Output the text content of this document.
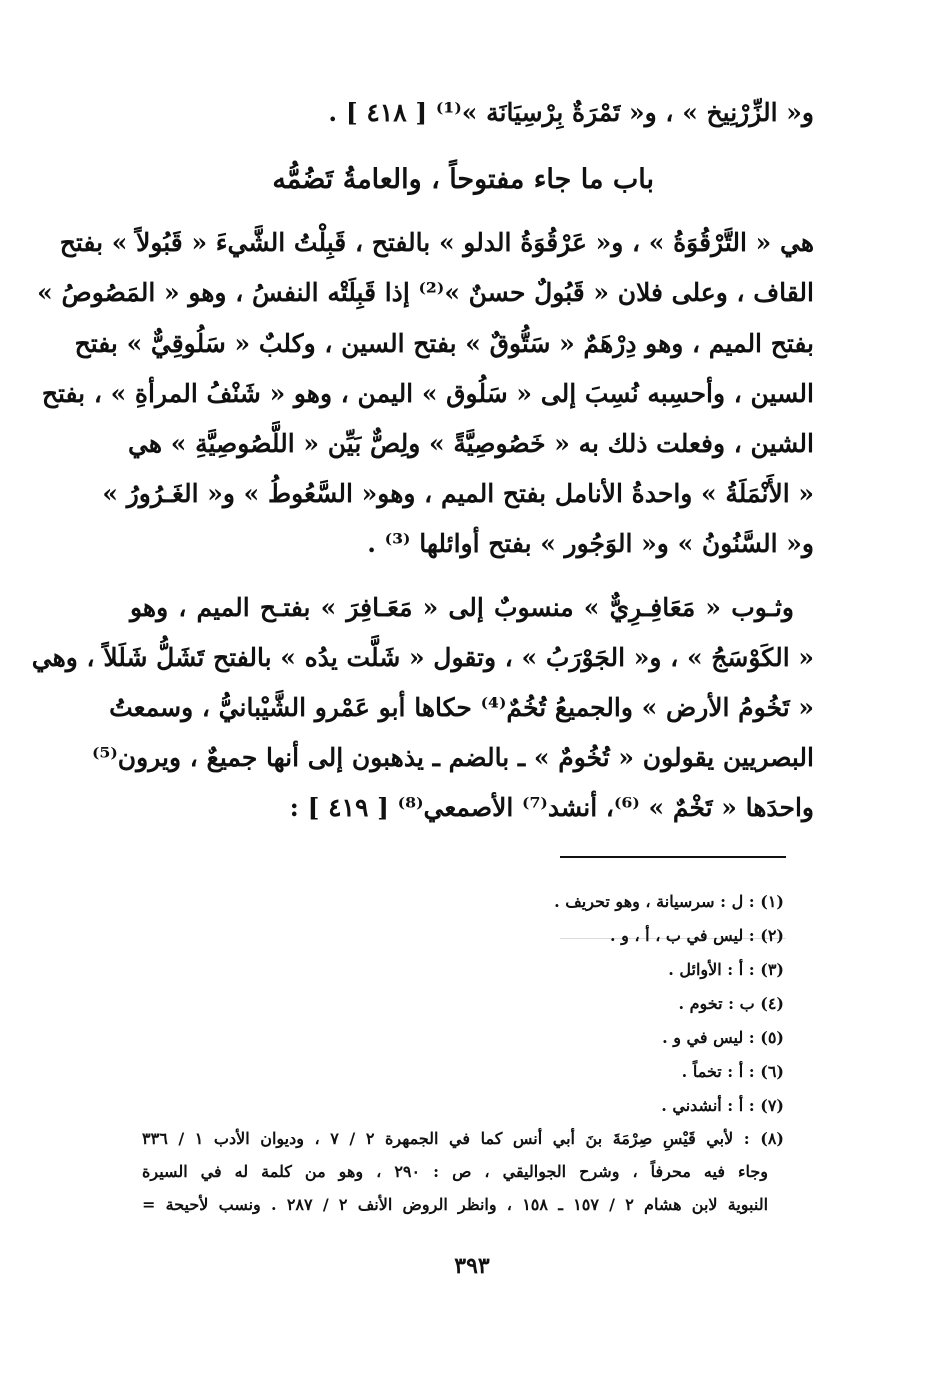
و« الزِّرْنِيخ » ، و« تَمْرَةٌ بِرْسِيَانَة »⁽¹⁾ [ ٤١٨ ] .
باب ما جاء مفتوحاً ، والعامةُ تَضُمُّه
هي « التَّرْقُوَةُ » ، و« عَرْقُوَةُ الدلو » بالفتح ، قَبِلْتُ الشَّيءَ « قَبُولاً » بفتح
القاف ، وعلى فلان « قَبُولٌ حسنٌ »⁽²⁾ إذا قَبِلَتْه النفسُ ، وهو « المَصُوصُ »
بفتح الميم ، وهو دِرْهَمٌ « سَتُّوقٌ » بفتح السين ، وكلبٌ « سَلُوقِيٌّ » بفتح
السين ، وأحسِبه نُسِبَ إلى « سَلُوق » اليمن ، وهو « شَنْفُ المرأةِ » ، بفتح
الشين ، وفعلت ذلك به « خَصُوصِيَّةً » ولِصٌّ بَيِّن « اللَّصُوصِيَّةِ » هي
« الأَنْمَلَةُ » واحدةُ الأنامل بفتح الميم ، وهو« السَّعُوطُ » و« الغَـرُورُ »
و« السَّنُونُ » و« الوَجُور » بفتح أوائلها ⁽³⁾ .
وثـوب « مَعَافِـرِيٌّ » منسوبٌ إلى « مَعَـافِرَ » بفتـح الميم ، وهو
« الكَوْسَجُ » ، و« الجَوْرَبُ » ، وتقول « شَلَّت يدُه » بالفتح تَشَلُّ شَلَلاً ، وهي
« تَخُومُ الأرض » والجميعُ تُخُمٌ⁽⁴⁾ حكاها أبو عَمْرو الشَّيْبانيُّ ، وسمعتُ
البصريين يقولون « تُخُومٌ » ـ بالضم ـ يذهبون إلى أنها جميعٌ ، ويرون⁽⁵⁾
واحدَها « تَخْمٌ » ⁽⁶⁾، أنشد⁽⁷⁾ الأصمعي⁽⁸⁾ [ ٤١٩ ] :
(١) : ل : سرسيانة ، وهو تحريف .
(٢) : ليس في ب ، أ ، و .
(٣) : أ : الأوائل .
(٤) ب : تخوم .
(٥) : ليس في و .
(٦) : أ : تخماً .
(٧) : أ : أنشدني .
(٨) : لأبي قَيْسِ صِرْمَةَ بنَ أبي أنس كما في الجمهرة ٢ / ٧ ، وديوان الأدب ١ / ٣٣٦
وجاء فيه محرفاً ، وشرح الجواليقي ، ص : ٢٩٠ ، وهو من كلمة له في السيرة
النبوية لابن هشام ٢ / ١٥٧ ـ ١٥٨ ، وانظر الروض الأنف ٢ / ٢٨٧ . ونسب لأحيحة =
٣٩٣
